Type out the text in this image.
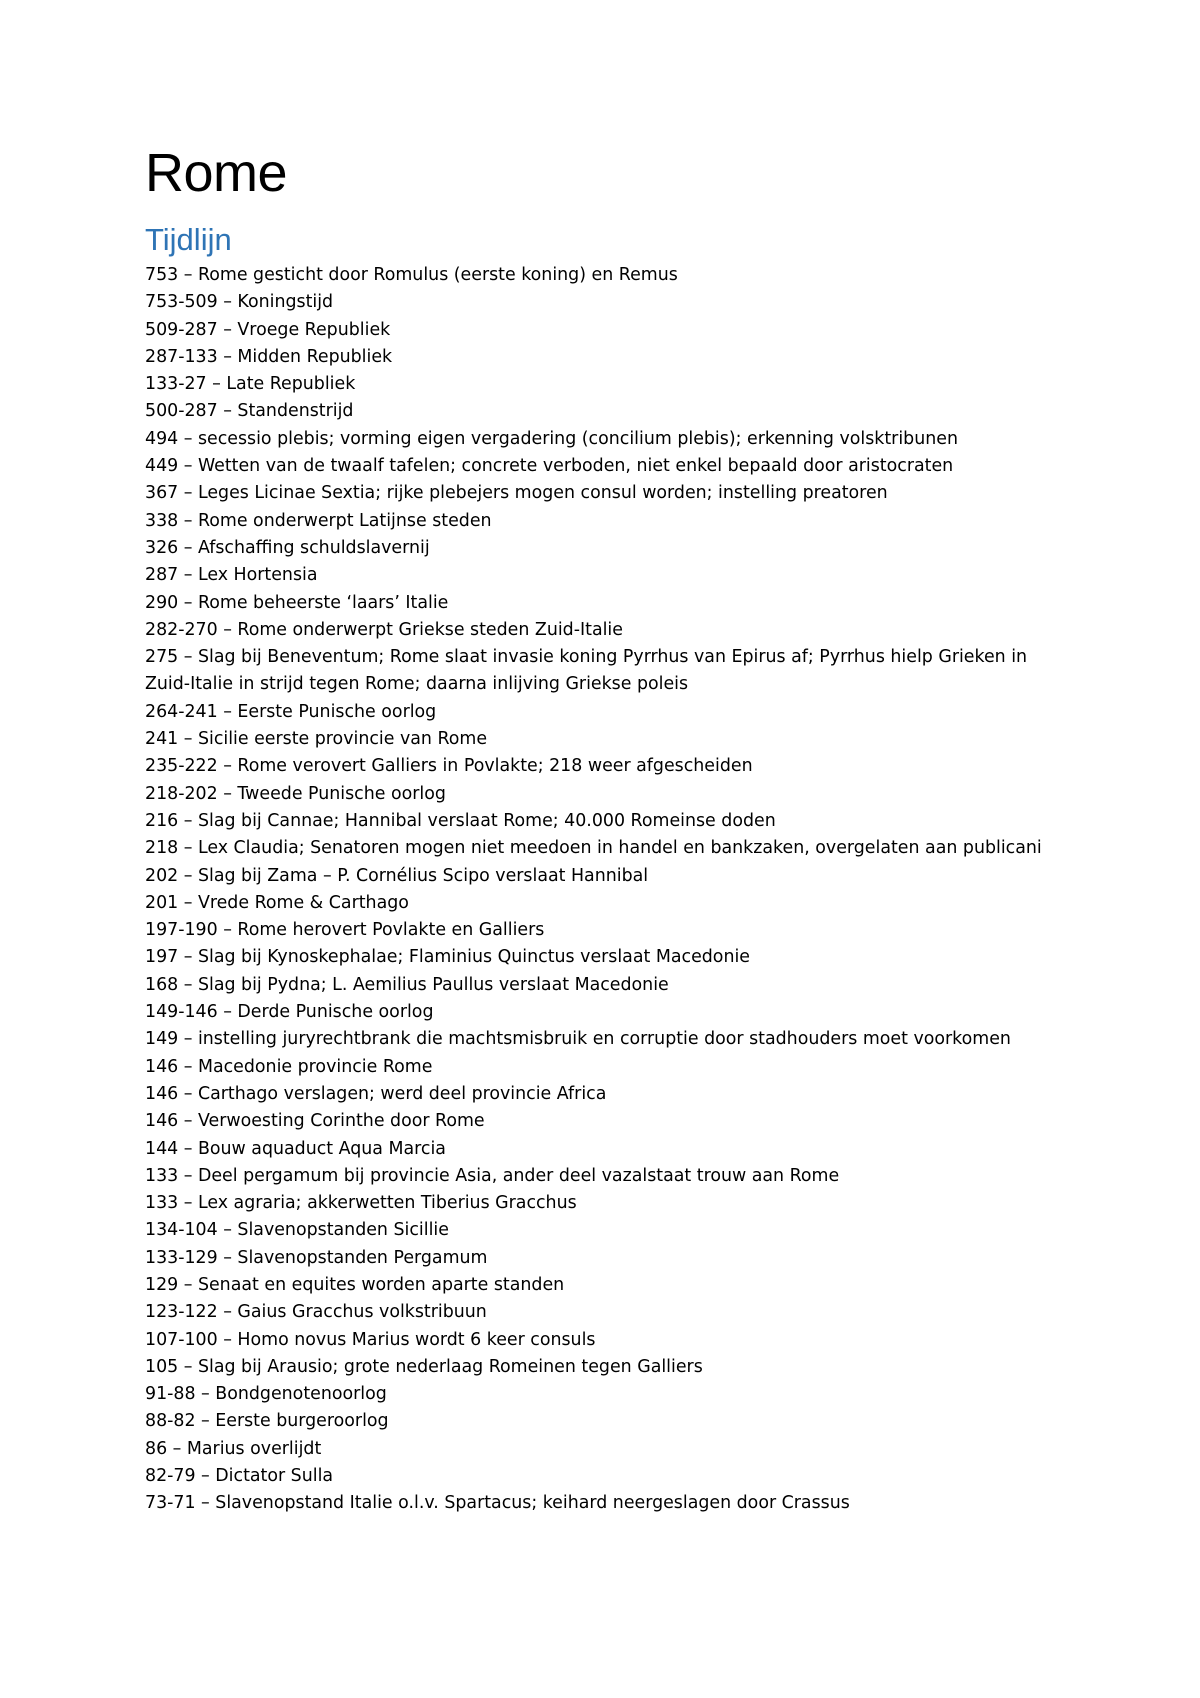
Rome
Tijdlijn
753 – Rome gesticht door Romulus (eerste koning) en Remus
753-509 – Koningstijd
509-287 – Vroege Republiek
287-133 – Midden Republiek
133-27 – Late Republiek
500-287 – Standenstrijd
494 – secessio plebis; vorming eigen vergadering (concilium plebis); erkenning volsktribunen
449 – Wetten van de twaalf tafelen; concrete verboden, niet enkel bepaald door aristocraten
367 – Leges Licinae Sextia; rijke plebejers mogen consul worden; instelling preatoren
338 – Rome onderwerpt Latijnse steden
326 – Afschaffing schuldslavernij
287 – Lex Hortensia
290 – Rome beheerste ‘laars’ Italie
282-270 – Rome onderwerpt Griekse steden Zuid-Italie
275 – Slag bij Beneventum; Rome slaat invasie koning Pyrrhus van Epirus af; Pyrrhus hielp Grieken in Zuid-Italie in strijd tegen Rome; daarna inlijving Griekse poleis
264-241 – Eerste Punische oorlog
241 – Sicilie eerste provincie van Rome
235-222 – Rome verovert Galliers in Povlakte; 218 weer afgescheiden
218-202 – Tweede Punische oorlog
216 – Slag bij Cannae; Hannibal verslaat Rome; 40.000 Romeinse doden
218 – Lex Claudia; Senatoren mogen niet meedoen in handel en bankzaken, overgelaten aan publicani
202 – Slag bij Zama – P. Cornélius Scipo verslaat Hannibal
201 – Vrede Rome & Carthago
197-190 – Rome herovert Povlakte en Galliers
197 – Slag bij Kynoskephalae; Flaminius Quinctus verslaat Macedonie
168 – Slag bij Pydna; L. Aemilius Paullus verslaat Macedonie
149-146 – Derde Punische oorlog
149 – instelling juryrechtbrank die machtsmisbruik en corruptie door stadhouders moet voorkomen
146 – Macedonie provincie Rome
146 – Carthago verslagen; werd deel provincie Africa
146 – Verwoesting Corinthe door Rome
144 – Bouw aquaduct Aqua Marcia
133 – Deel pergamum bij provincie Asia, ander deel vazalstaat trouw aan Rome
133 – Lex agraria; akkerwetten Tiberius Gracchus
134-104 – Slavenopstanden Sicillie
133-129 – Slavenopstanden Pergamum
129 – Senaat en equites worden aparte standen
123-122 – Gaius Gracchus volkstribuun
107-100 – Homo novus Marius wordt 6 keer consuls
105 – Slag bij Arausio; grote nederlaag Romeinen tegen Galliers
91-88 – Bondgenotenoorlog
88-82 – Eerste burgeroorlog
86 – Marius overlijdt
82-79 – Dictator Sulla
73-71 – Slavenopstand Italie o.l.v. Spartacus; keihard neergeslagen door Crassus
